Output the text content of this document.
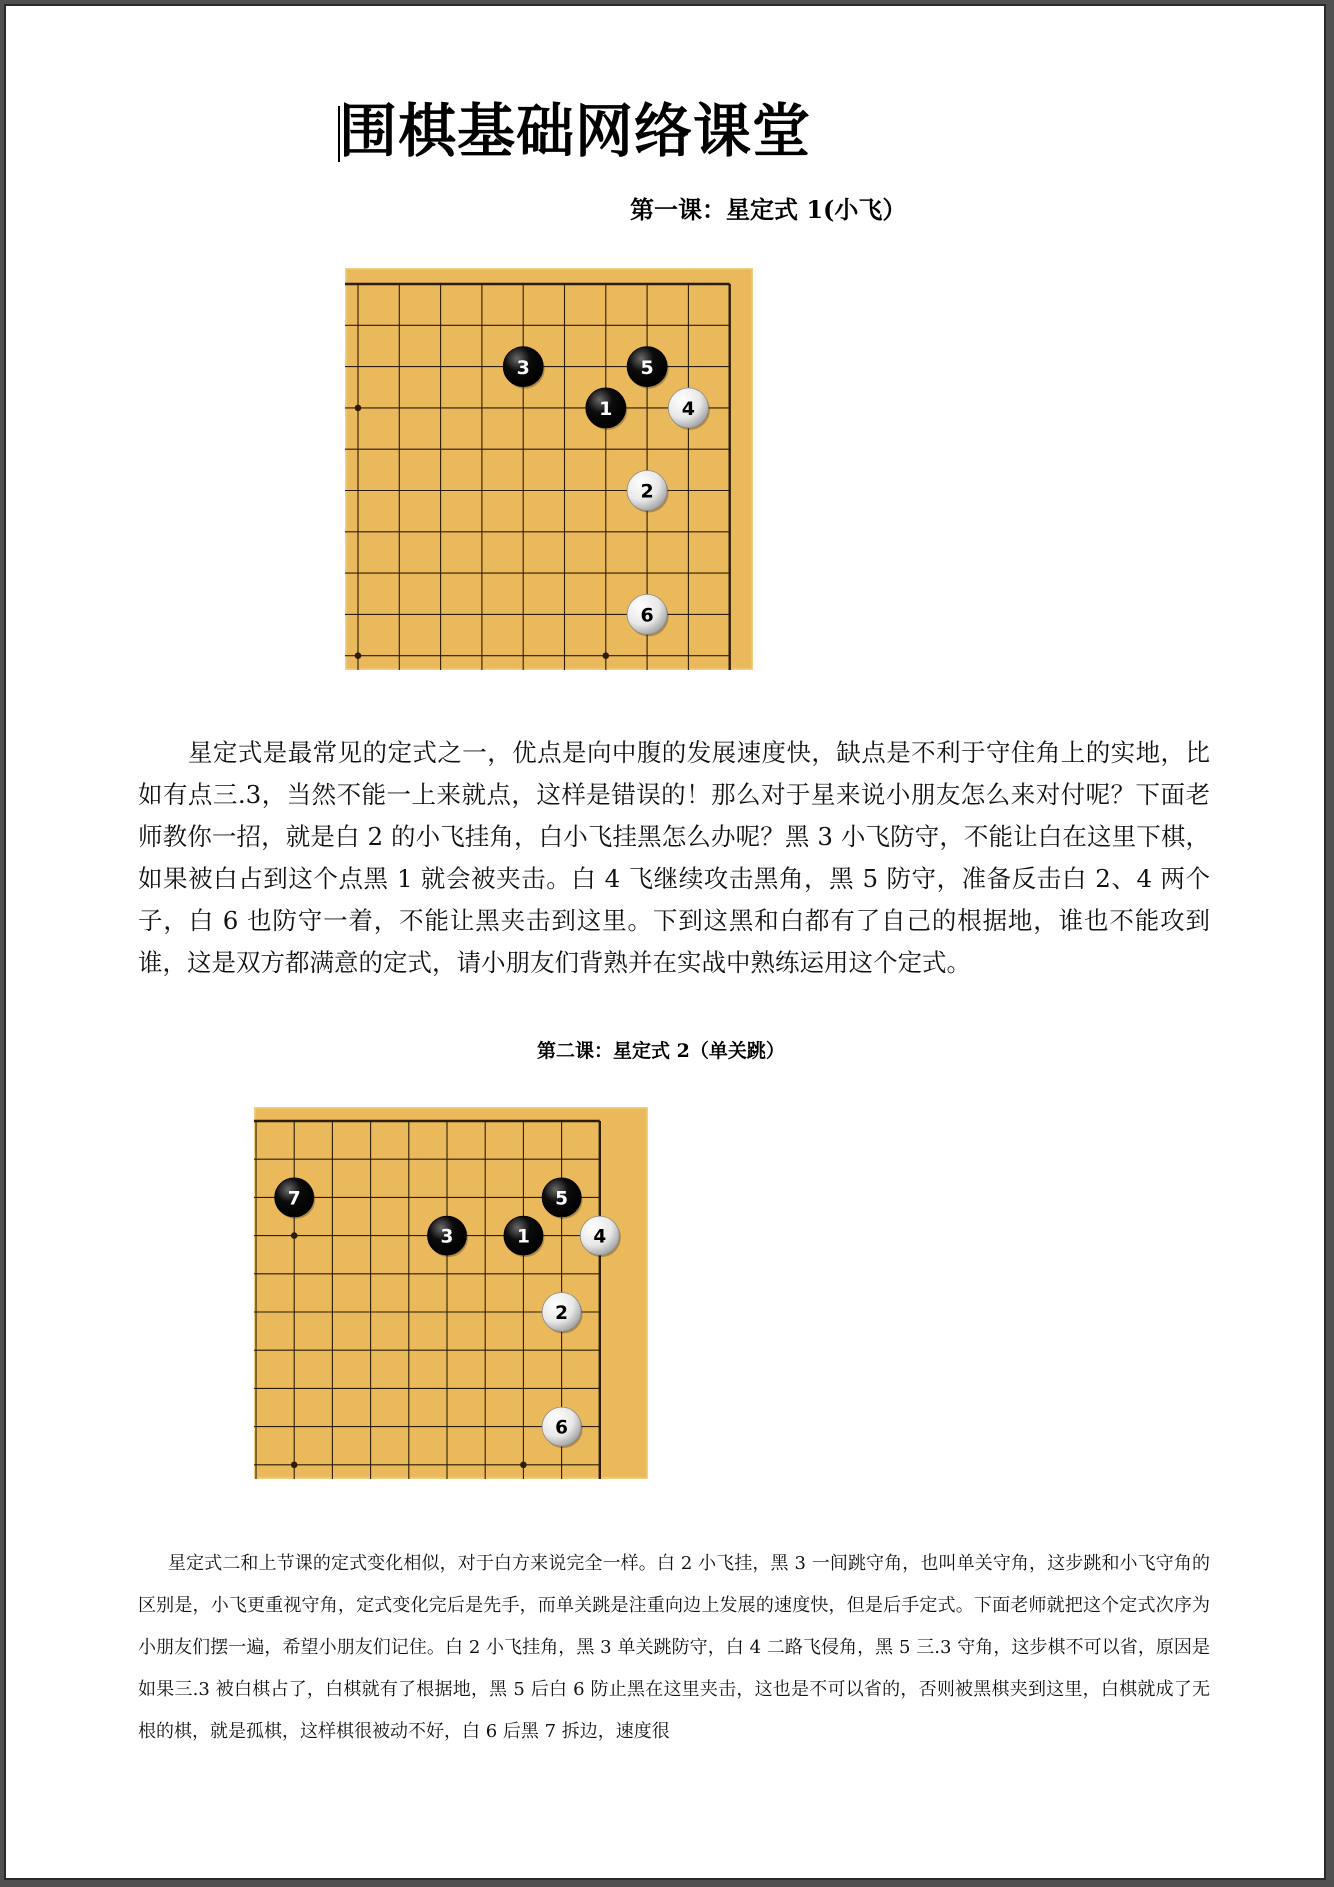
围棋基础网络课堂
第一课：星定式 1(小飞）
1
2
3
4
5
6

星定式是最常见的定式之一，优点是向中腹的发展速度快，缺点是不利于守住角上的实地，比如有点三.3，当然不能一上来就点，这样是错误的！那么对于星来说小朋友怎么来对付呢？下面老师教你一招，就是白 2 的小飞挂角，白小飞挂黑怎么办呢？黑 3 小飞防守，不能让白在这里下棋，如果被白占到这个点黑 1 就会被夹击。白 4 飞继续攻击黑角，黑 5 防守，准备反击白 2、4 两个子，白 6 也防守一着，不能让黑夹击到这里。下到这黑和白都有了自己的根据地，谁也不能攻到谁，这是双方都满意的定式，请小朋友们背熟并在实战中熟练运用这个定式。

第二课：星定式 2（单关跳）
1
2
3	4
5
6
7

星定式二和上节课的定式变化相似，对于白方来说完全一样。白 2 小飞挂，黑 3 一间跳守角，也叫单关守角，这步跳和小飞守角的区别是，小飞更重视守角，定式变化完后是先手，而单关跳是注重向边上发展的速度快，但是后手定式。下面老师就把这个定式次序为小朋友们摆一遍，希望小朋友们记住。白 2 小飞挂角，黑 3 单关跳防守，白 4 二路飞侵角，黑 5 三.3 守角，这步棋不可以省，原因是如果三.3 被白棋占了，白棋就有了根据地，黑 5 后白 6 防止黑在这里夹击，这也是不可以省的，否则被黑棋夹到这里，白棋就成了无根的棋，就是孤棋，这样棋很被动不好，白 6 后黑 7 拆边，速度很
